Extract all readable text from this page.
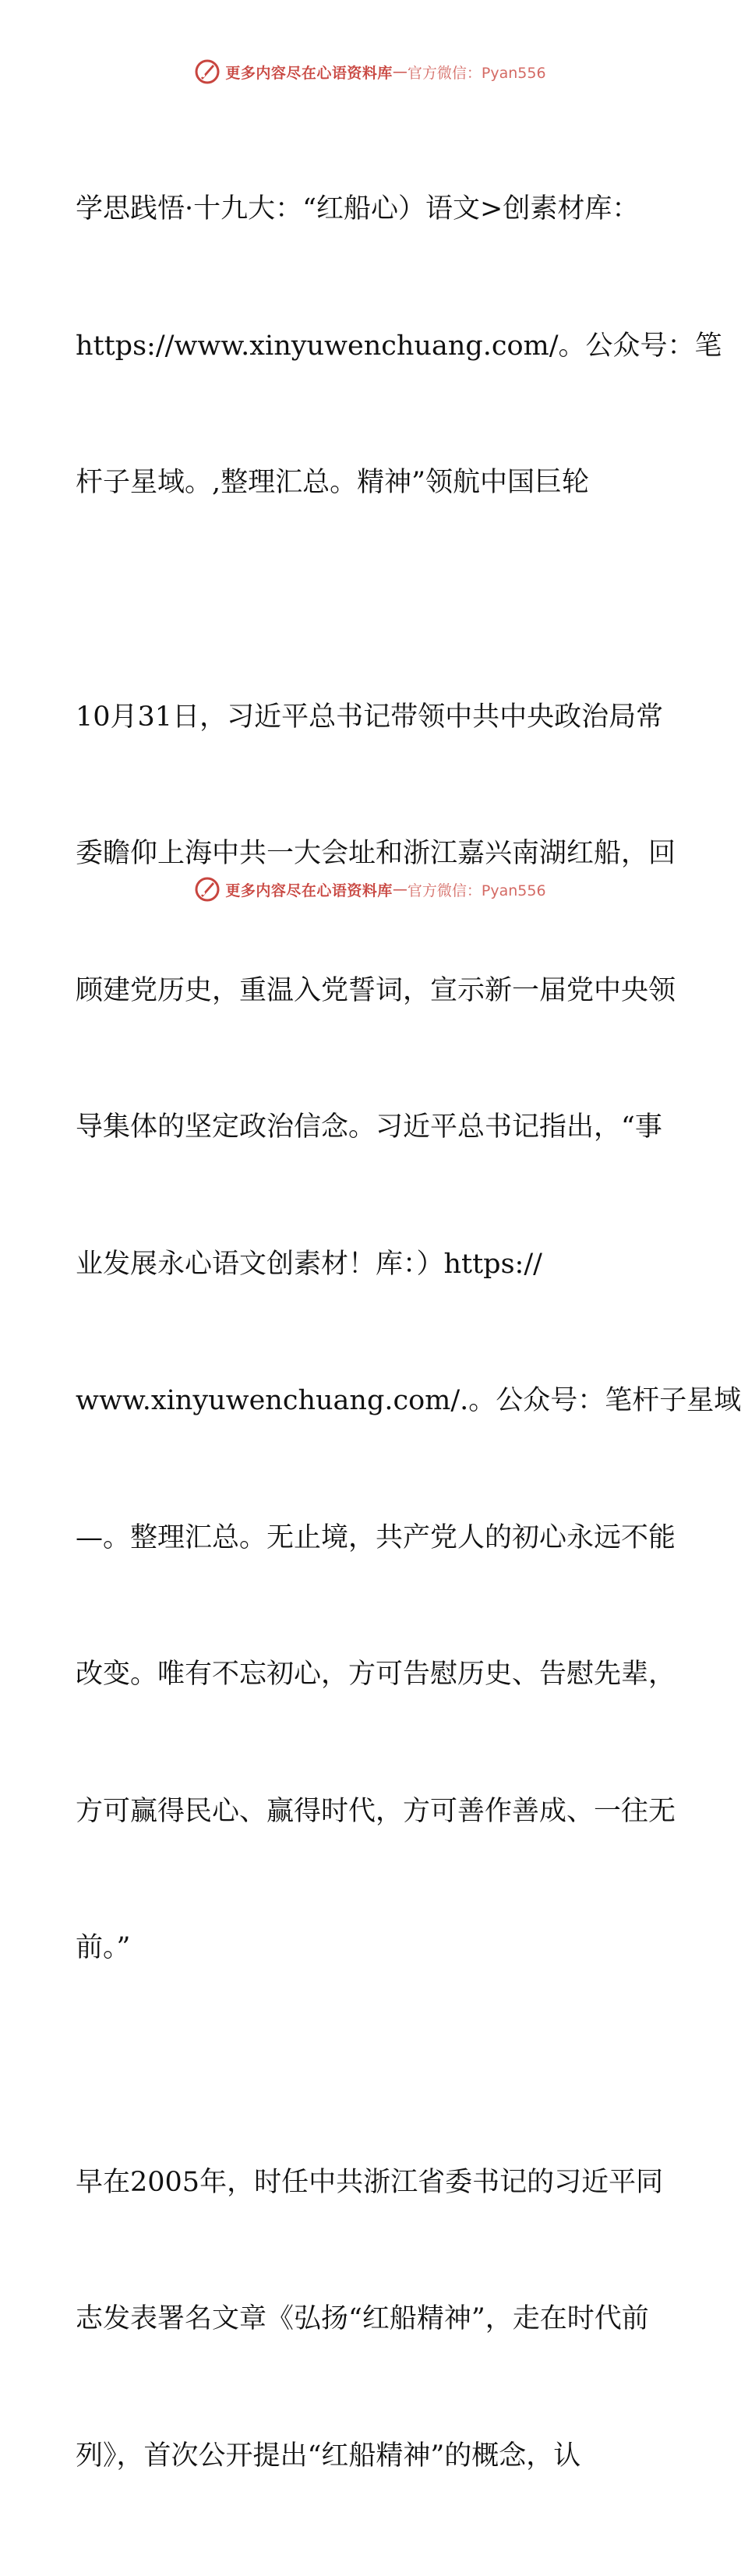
更多内容尽在心语资料库 — 官方微信：Pyan556

学思践悟·十九大：“红船心）语文>创素材库：

https://www.xinyuwenchuang.com/。公众号：笔

杆子星域。,整理汇总。精神”领航中国巨轮

10月31日，习近平总书记带领中共中央政治局常

委瞻仰上海中共一大会址和浙江嘉兴南湖红船，回

顾建党历史，重温入党誓词，宣示新一届党中央领

导集体的坚定政治信念。习近平总书记指出，“事

业发展永心语文创素材！库：）https://

www.xinyuwenchuang.com/.。公众号：笔杆子星域

—。整理汇总。无止境，共产党人的初心永远不能

改变。唯有不忘初心，方可告慰历史、告慰先辈，

方可赢得民心、赢得时代，方可善作善成、一往无

前。”

早在2005年，时任中共浙江省委书记的习近平同

志发表署名文章《弘扬“红船精神”，走在时代前

列》，首次公开提出“红船精神”的概念，认

更多内容尽在心语资料库 — 官方微信：Pyan556
